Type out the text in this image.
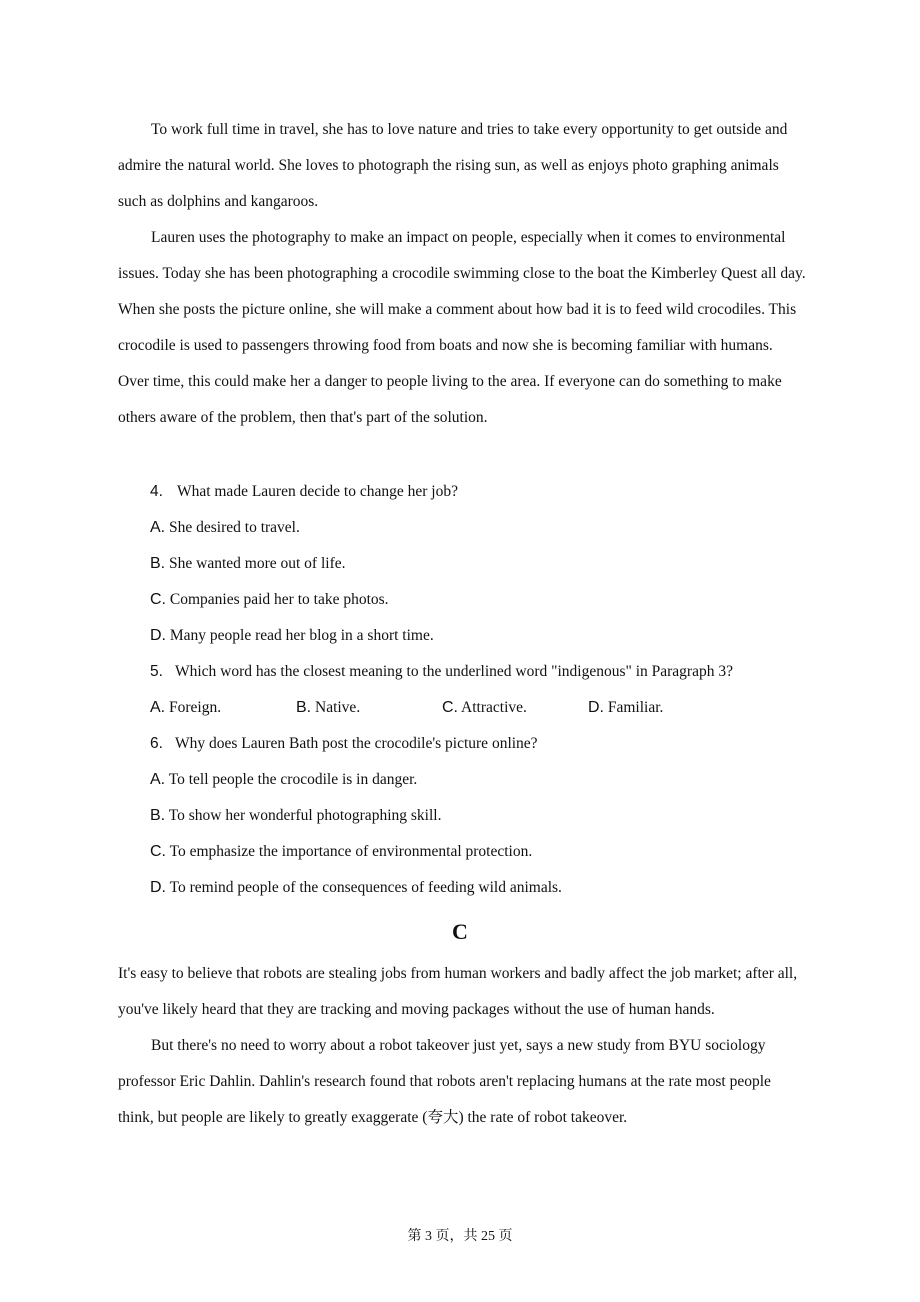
To work full time in travel, she has to love nature and tries to take every opportunity to get outside and admire the natural world. She loves to photograph the rising sun, as well as enjoys photo graphing animals such as dolphins and kangaroos.

Lauren uses the photography to make an impact on people, especially when it comes to environmental issues. Today she has been photographing a crocodile swimming close to the boat the Kimberley Quest all day. When she posts the picture online, she will make a comment about how bad it is to feed wild crocodiles. This crocodile is used to passengers throwing food from boats and now she is becoming familiar with humans. Over time, this could make her a danger to people living to the area. If everyone can do something to make others aware of the problem, then that's part of the solution.

4. What made Lauren decide to change her job?
A. She desired to travel.
B. She wanted more out of life.
C. Companies paid her to take photos.
D. Many people read her blog in a short time.
5. Which word has the closest meaning to the underlined word "indigenous" in Paragraph 3?
A. Foreign.	B. Native.	C. Attractive.	D. Familiar.
6. Why does Lauren Bath post the crocodile's picture online?
A. To tell people the crocodile is in danger.
B. To show her wonderful photographing skill.
C. To emphasize the importance of environmental protection.
D. To remind people of the consequences of feeding wild animals.
C

It's easy to believe that robots are stealing jobs from human workers and badly affect the job market; after all, you've likely heard that they are tracking and moving packages without the use of human hands.

But there's no need to worry about a robot takeover just yet, says a new study from BYU sociology professor Eric Dahlin. Dahlin's research found that robots aren't replacing humans at the rate most people think, but people are likely to greatly exaggerate (夸大) the rate of robot takeover.

第 3 页，共 25 页
